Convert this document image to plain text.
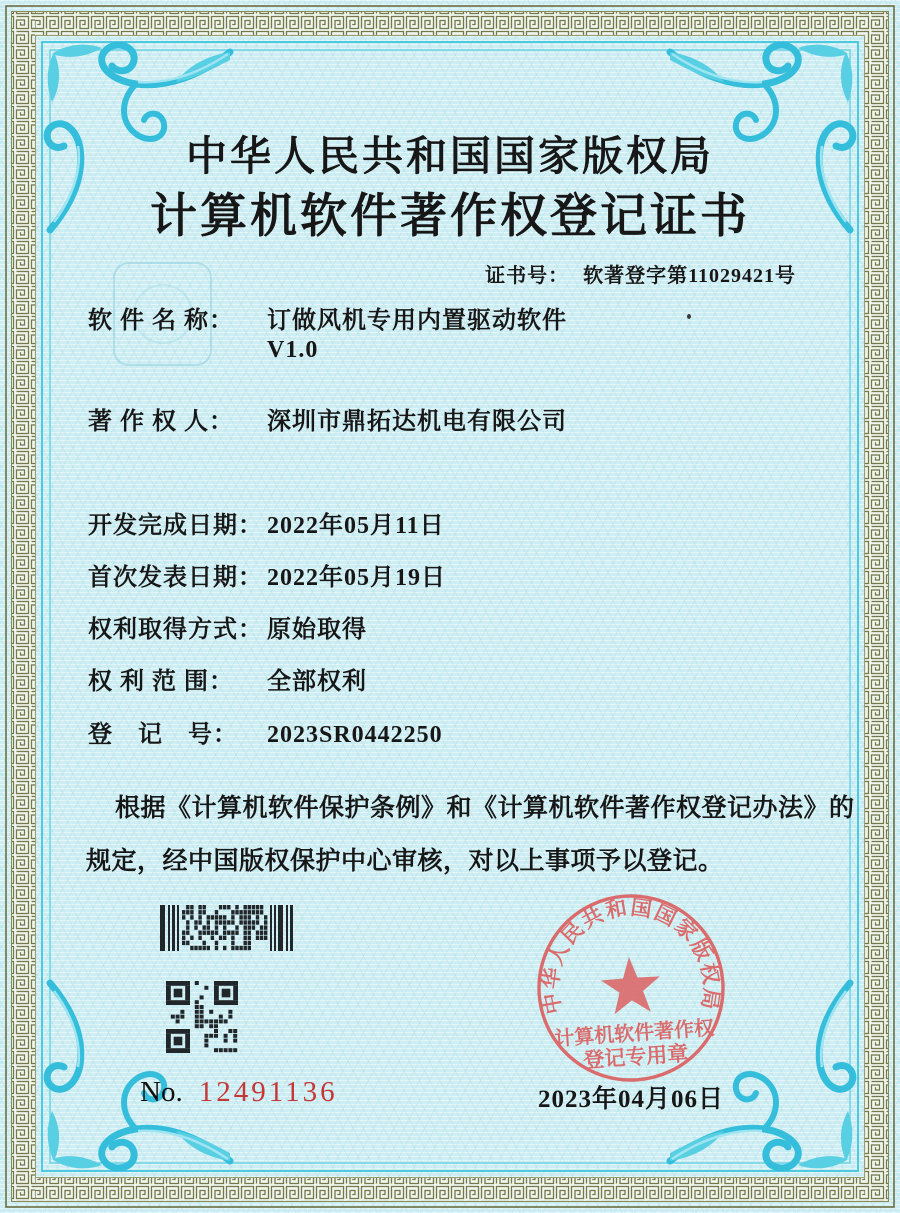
中华人民共和国国家版权局
计算机软件著作权登记证书
证书号： 软著登字第11029421号
软 件 名 称： 订做风机专用内置驱动软件
V1.0
著 作 权 人： 深圳市鼎拓达机电有限公司
开发完成日期： 2022年05月11日
首次发表日期： 2022年05月19日
权利取得方式： 原始取得
权 利 范 围： 全部权利
登　记　号： 2023SR0442250
根据《计算机软件保护条例》和《计算机软件著作权登记办法》的
规定，经中国版权保护中心审核，对以上事项予以登记。
No. 12491136	2023年04月06日
中华人民共和国国家版权局
计算机软件著作权
登记专用章
